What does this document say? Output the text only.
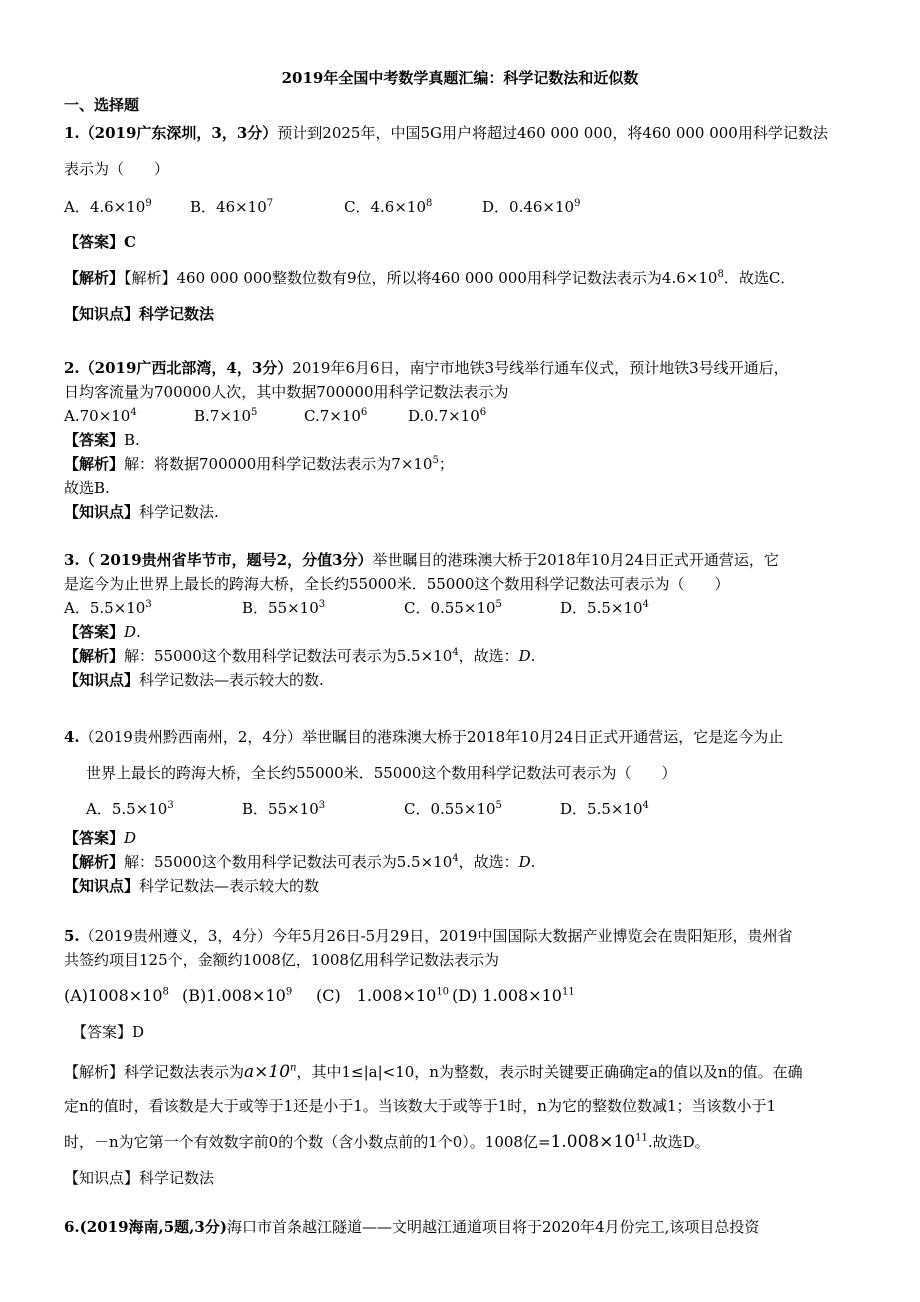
2019年全国中考数学真题汇编：科学记数法和近似数
一、选择题
1.（2019广东深圳，3，3分）预计到2025年，中国5G用户将超过460 000 000，将460 000 000用科学记数法
表示为（　　）
A．$4.6\times 10^9$	B．$46\times 10^7$	C．$4.6\times 10^8$	D．$0.46\times 10^9$
【答案】C
【解析】【解析】460 000 000整数位数有9位，所以将460 000 000用科学记数法表示为$4.6\times 10^8$．故选C．
【知识点】科学记数法
2.（2019广西北部湾，4，3分）2019年6月6日，南宁市地铁3号线举行通车仪式，预计地铁3号线开通后，
日均客流量为700000人次，其中数据700000用科学记数法表示为
$A.70\times 10^4$	$B.7\times 10^5$	$C.7\times 10^6$	$D.0.7\times 10^6$
【答案】B.
【解析】解：将数据700000用科学记数法表示为$7\times 10^5$；
故选B.
【知识点】科学记数法.
3.（ 2019贵州省毕节市，题号2，分值3分）举世瞩目的港珠澳大桥于2018年10月24日正式开通营运，它
是迄今为止世界上最长的跨海大桥，全长约55000米．55000这个数用科学记数法可表示为（　　）
A．$5.5\times 10^3$	B．$55\times 10^3$	C．$0.55\times 10^5$	D．$5.5\times 10^4$
【答案】D.
【解析】解：55000这个数用科学记数法可表示为$5.5\times 10^4$，故选：D.
【知识点】科学记数法—表示较大的数.
4.（2019贵州黔西南州，2，4分）举世瞩目的港珠澳大桥于2018年10月24日正式开通营运，它是迄今为止
世界上最长的跨海大桥，全长约55000米．55000这个数用科学记数法可表示为（　　）
A．$5.5\times 10^3$	B．$55\times 10^3$	C．$0.55\times 10^5$	D．$5.5\times 10^4$
【答案】D
【解析】解：55000这个数用科学记数法可表示为$5.5\times 10^4$，故选：D.
【知识点】科学记数法—表示较大的数
5.（2019贵州遵义，3，4分）今年5月26日-5月29日，2019中国国际大数据产业博览会在贵阳矩形，贵州省
共签约项目125个，金额约1008亿，1008亿用科学记数法表示为
$(A)1008\times 10^8$ $(B)1.008\times 10^9$ (C)　$1.008\times 10^{10}$ (D) $1.008\times 10^{11}$
【答案】D
【解析】科学记数法表示为$a\times 10^n$，其中1≤|a|<10，n为整数，表示时关键要正确确定a的值以及n的值。在确
定n的值时，看该数是大于或等于1还是小于1。当该数大于或等于1时，n为它的整数位数减1；当该数小于1
时，－n为它第一个有效数字前0的个数（含小数点前的1个0）。1008亿$=1.008\times 10^{11}$.故选D。
【知识点】科学记数法
6.(2019海南,5题,3分)海口市首条越江隧道——文明越江通道项目将于2020年4月份完工,该项目总投资
